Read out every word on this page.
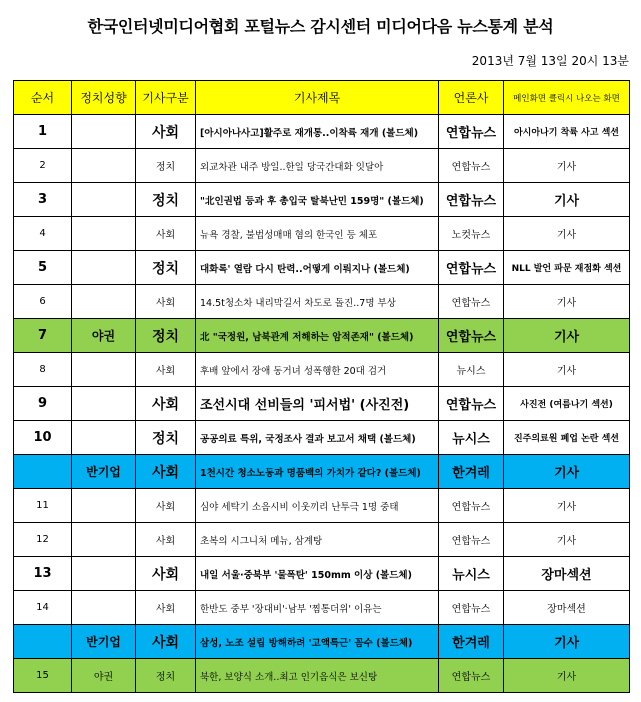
한국인터넷미디어협회 포털뉴스 감시센터 미디어다음 뉴스통계 분석
2013년 7월 13일 20시 13분
순서	정치성향	기사구분	기사제목	언론사	메인화면 클릭시 나오는 화면
1		사회	[아시아나사고]활주로 재개통..이착륙 재개 (볼드체)	연합뉴스	아시아나기 착륙 사고 섹션
2		정치	외교차관 내주 방일..한일 당국간대화 잇달아	연합뉴스	기사
3		정치	"北인권법 등과 후 총입국 탈북난민 159명" (볼드체)	연합뉴스	기사
4		사회	뉴욕 경찰, 불법성매매 혐의 한국인 등 체포	노컷뉴스	기사
5		정치	대화록' 열람 다시 탄력..어떻게 이뤄지나 (볼드체)	연합뉴스	NLL 발언 파문 재점화 섹션
6		사회	14.5t청소차 내리막길서 차도로 돌진..7명 부상	연합뉴스	기사
7	야권	정치	北 "국정원, 남북관계 저해하는 암적존재" (볼드체)	연합뉴스	기사
8		사회	후배 앞에서 장애 동거녀 성폭행한 20대 검거	뉴시스	기사
9		사회	조선시대 선비들의 '피서법' (사진전)	연합뉴스	사진전 (여름나기 섹션)
10		정치	공공의료 특위, 국정조사 결과 보고서 채택 (볼드체)	뉴시스	진주의료원 폐업 논란 섹션
	반기업	사회	1천시간 청소노동과 명품백의 가치가 같다? (볼드체)	한겨레	기사
11		사회	심야 세탁기 소음시비 이웃끼리 난투극 1명 중태	연합뉴스	기사
12		사회	초복의 시그니처 메뉴, 삼계탕	연합뉴스	기사
13		사회	내일 서울·중북부 '물폭탄' 150mm 이상 (볼드체)	뉴시스	장마섹션
14		사회	한반도 중부 '장대비'·남부 '찜통더위' 이유는	연합뉴스	장마섹션
	반기업	사회	삼성, 노조 설립 방해하려 '고액특근' 꼼수 (볼드체)	한겨레	기사
15	야권	정치	북한, 보양식 소개..최고 인기음식은 보신탕	연합뉴스	기사
